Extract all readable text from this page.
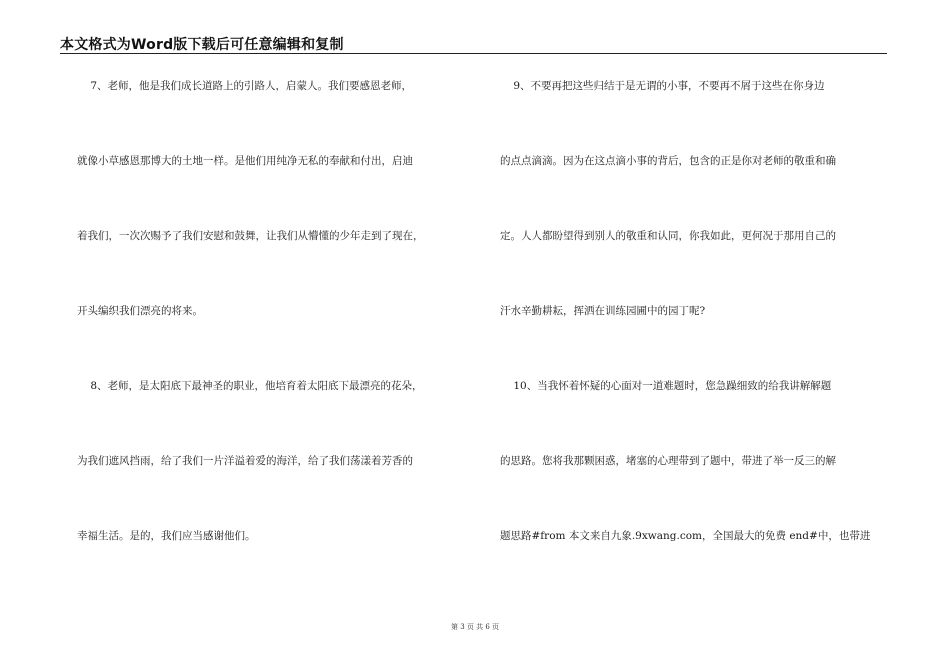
本文格式为Word版下载后可任意编辑和复制
7、老师，他是我们成长道路上的引路人，启蒙人。我们要感恩老师，
就像小草感恩那博大的土地一样。是他们用纯净无私的奉献和付出，启迪
着我们，一次次赐予了我们安慰和鼓舞，让我们从懵懂的少年走到了现在，
开头编织我们漂亮的将来。
8、老师，是太阳底下最神圣的职业，他培育着太阳底下最漂亮的花朵，
为我们遮风挡雨，给了我们一片洋溢着爱的海洋，给了我们荡漾着芳香的
幸福生活。是的，我们应当感谢他们。
9、不要再把这些归结于是无谓的小事，不要再不屑于这些在你身边
的点点滴滴。因为在这点滴小事的背后，包含的正是你对老师的敬重和确
定。人人都盼望得到别人的敬重和认同，你我如此，更何况于那用自己的
汗水辛勤耕耘，挥洒在训练园圃中的园丁呢?
10、当我怀着怀疑的心面对一道难题时，您急躁细致的给我讲解解题
的思路。您将我那颗困惑，堵塞的心理带到了题中，带进了举一反三的解
题思路#from 本文来自九象.9xwang.com，全国最大的免费 end#中，也带进
第 3 页 共 6 页
